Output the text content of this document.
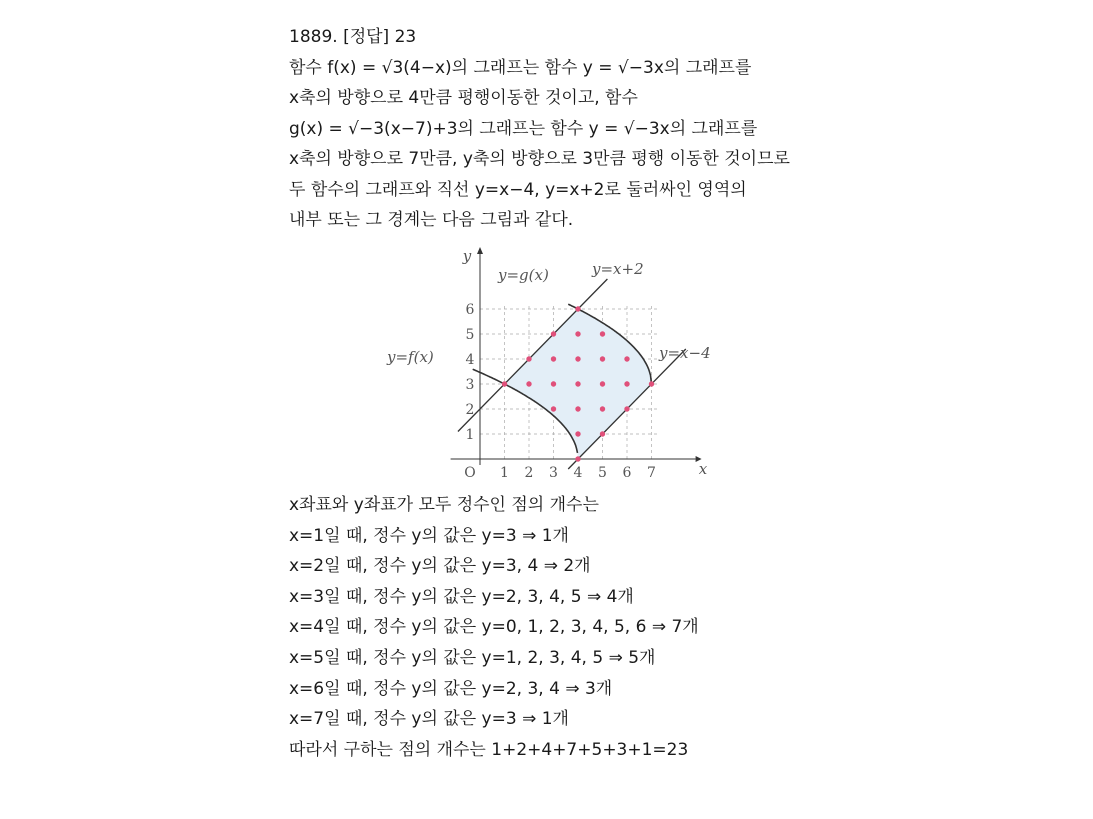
1889. [정답] 23
함수 f(x) = √3(4−x)의 그래프는 함수 y = √−3x의 그래프를
x축의 방향으로 4만큼 평행이동한 것이고, 함수
g(x) = √−3(x−7)+3의 그래프는 함수 y = √−3x의 그래프를
x축의 방향으로 7만큼, y축의 방향으로 3만큼 평행 이동한 것이므로
두 함수의 그래프와 직선 y=x−4, y=x+2로 둘러싸인 영역의
내부 또는 그 경계는 다음 그림과 같다.
1 2 3 4 5 6 7
1
2
3
4
5
6
x
y
O
y=g(x)
y=f(x)
y=x+2
y=x−4
x좌표와 y좌표가 모두 정수인 점의 개수는
x=1일 때, 정수 y의 값은 y=3 ⇒ 1개
x=2일 때, 정수 y의 값은 y=3, 4 ⇒ 2개
x=3일 때, 정수 y의 값은 y=2, 3, 4, 5 ⇒ 4개
x=4일 때, 정수 y의 값은 y=0, 1, 2, 3, 4, 5, 6 ⇒ 7개
x=5일 때, 정수 y의 값은 y=1, 2, 3, 4, 5 ⇒ 5개
x=6일 때, 정수 y의 값은 y=2, 3, 4 ⇒ 3개
x=7일 때, 정수 y의 값은 y=3 ⇒ 1개
따라서 구하는 점의 개수는 1+2+4+7+5+3+1=23
